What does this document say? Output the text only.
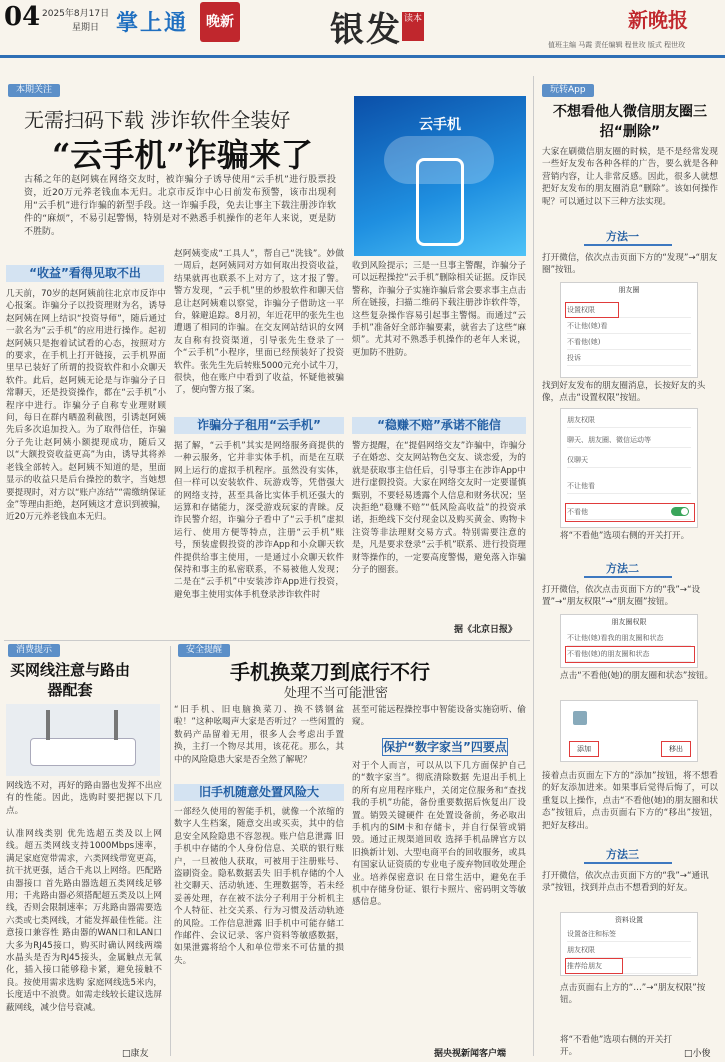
04 2025年8月17日
星期日 掌上通	晚新	银发 读本	新晚报
值班主编 马霞 责任编辑 程世玫 版式 程世玫
本期关注
无需扫码下载 涉诈软件全装好
“云手机”诈骗来了
云手机
古稀之年的赵阿姨在网络交友时，被诈骗分子诱导使用“云手机”进行股票投资，近20万元养老钱血本无归。北京市反诈中心日前发布预警，该市出现利用“云手机”进行诈骗的新型手段。这一诈骗手段，免去让事主下载注册涉诈软件的“麻烦”，不易引起警惕，特别是对不熟悉手机操作的老年人来说，更是防不胜防。
“收益”看得见取不出
几天前，70岁的赵阿姨前往北京市反诈中心报案。诈骗分子以投资理财为名，诱导赵阿姨在网上结识“投资导师”，随后通过一款名为“云手机”的应用进行操作。起初赵阿姨只是抱着试试看的心态，按照对方的要求，在手机上打开链接，云手机界面里早已装好了所谓的投资软件和小众聊天软件。此后，赵阿姨无论是与诈骗分子日常聊天，还是投资操作，都在“云手机”小程序中进行。诈骗分子自称专业理财顾问，每日在群内晒盈利截图，引诱赵阿姨先后多次追加投入。为了取得信任，诈骗分子先让赵阿姨小额提现成功，随后又以“大额投资收益更高”为由，诱导其将养老钱全部转入。赵阿姨不知道的是，里面显示的收益只是后台操控的数字，当她想要提现时，对方以“账户冻结”“需缴纳保证金”等理由拒绝，赵阿姨这才意识到被骗，近20万元养老钱血本无归。
赵阿姨变成“工具人”，帮自己“洗钱”。妙做一周后，赵阿姨同对方如何取出投资收益，结果就再也联系不上对方了，这才报了警。警方发现，“云手机”里的炒股软件和聊天信息让赵阿姨难以察觉，诈骗分子借助这一平台，躲避追踪。8月初，年近花甲的张先生也遭遇了相同的诈骗。在交友网站结识的女网友自称有投资渠道，引导张先生登录了一个“云手机”小程序，里面已经预装好了投资软件。张先生先后转账5000元充小试牛刀，很快，他在账户中看到了收益，怀疑他被骗了，便向警方报了案。
诈骗分子租用“云手机”
据了解，“云手机”其实是网络服务商提供的一种云服务，它并非实体手机，而是在互联网上运行的虚拟手机程序。虽然没有实体，但一样可以安装软件、玩游戏等，凭借强大的网络支持，甚至具备比实体手机还强大的运算和存储能力，深受游戏玩家的青睐。反诈民警介绍，诈骗分子看中了“云手机”虚拟运行、使用方便等特点，注册“云手机”账号，预装虚假投资的涉诈App和小众聊天软件提供给事主使用，一是通过小众聊天软件保持和事主的私密联系，不易被他人发现；二是在“云手机”中安装涉诈App进行投资，避免事主使用实体手机登录涉诈软件时
收到风险提示；三是一旦事主警醒，诈骗分子可以远程操控“云手机”删除相关证据。反诈民警称，诈骗分子实施诈骗后常会要求事主点击所在链接，扫描二维码下载注册涉诈软件等，这些复杂操作容易引起事主警惕。而通过“云手机”准备好全部诈骗要素，就省去了这些“麻烦”。尤其对不熟悉手机操作的老年人来说，更加防不胜防。
“稳赚不赔”承诺不能信
警方提醒，在“提倡网络交友”诈骗中，诈骗分子在婚恋、交友网站物色交友、谈恋爱，为的就是获取事主信任后，引导事主在涉诈App中进行虚假投资。大家在网络交友时一定要谨慎甄别，不要轻易透露个人信息和财务状况；坚决拒绝“稳赚不赔”“低风险高收益”的投资承诺，拒绝线下交付现金以及购买黄金、购物卡注资等非法理财交易方式。特别需要注意的是，凡是要求登录“云手机”联系、进行投资理财等操作的，一定要高度警惕，避免落入诈骗分子的圈套。
据《北京日报》
消费提示
买网线注意与路由器配套
网线选不对，再好的路由器也发挥不出应有的性能。因此，选购时要把握以下几点。
认准网线类别 优先选超五类及以上网线。超五类网线支持1000Mbps速率，满足家庭宽带需求，六类网线带宽更高，抗干扰更强，适合千兆以上网络。匹配路由器接口 首先路由器选超五类网线足够用；千兆路由器必须搭配超五类及以上网线，否则会限制速率；万兆路由器需要选六类或七类网线，才能发挥最佳性能。注意接口兼容性 路由器的WAN口和LAN口大多为RJ45接口，购买时确认网线两端水晶头是否为RJ45接头，金属触点无氧化，插入接口能够稳卡紧，避免接触不良。按使用需求选购 家庭网线选5米内，长度适中不浪费。如需走线较长建议选屏蔽网线，减少信号衰减。
□康友
安全提醒
手机换菜刀到底行不行
处理不当可能泄密
“旧手机、旧电脑换菜刀、换不锈钢盆啦！”这种吆喝声大家是否听过？一些闲置的数码产品留着无用，很多人会考虑出手置换，主打一个物尽其用，该花花。那么，其中的风险隐患大家是否全然了解呢？
旧手机随意处置风险大
一部经久使用的智能手机，就像一个浓缩的数字人生档案，随意交出或买卖，其中的信息安全风险隐患不容忽视。账户信息泄露 旧手机中存储的个人身份信息、关联的银行账户，一旦被他人获取，可被用于注册账号、盗刷资金。隐私数据丢失 旧手机存储的个人社交聊天、活动轨迹、生理数据等，若未经妥善处理，存在被不法分子利用于分析机主个人特征、社交关系、行为习惯及活动轨迹的风险。工作信息泄露 旧手机中可能存储工作邮件、会议记录、客户资料等敏感数据，如果泄露将给个人和单位带来不可估量的损失。
甚至可能远程操控事中智能设备实施窃听、偷窥。
保护“数字家当”四要点
对于个人而言，可以从以下几方面保护自己的“数字家当”。彻底清除数据 先退出手机上的所有应用程序账户，关闭定位服务和“查找我的手机”功能，备份重要数据后恢复出厂设置。销毁关键硬件 在处置设备前，务必取出手机内的SIM卡和存储卡，并自行保管或销毁。通过正规渠道回收 选择手机品牌官方以旧换新计划、大型电商平台的回收服务，或具有国家认证资质的专业电子废弃物回收处理企业。培养保密意识 在日常生活中，避免在手机中存储身份证、银行卡照片、密码明文等敏感信息。
据央视新闻客户端
玩转App
不想看他人微信朋友圈三招“删除”
大家在刷微信朋友圈的时候，是不是经常发现一些好友发布各种各样的广告，要么就是各种营销内容，让人非常反感。因此，很多人就想把好友发布的朋友圈消息“删除”。该如何操作呢？可以通过以下三种方法实现。
方法一
打开微信，依次点击页面下方的“发现”→“朋友圈”按钮。
朋友圈
设置权限
不让他(她)看
不看他(她)
投诉
找到好友发布的朋友圈消息，长按好友的头像，点击“设置权限”按钮。
朋友权限
聊天、朋友圈、微信运动等
仅聊天
不让他看
不看他
将“不看他”选项右侧的开关打开。
方法二
打开微信，依次点击页面下方的“我”→“设置”→“朋友权限”→“朋友圈”按钮。
朋友圈权限
不让他(她)看我的朋友圈和状态
不看他(她)的朋友圈和状态
点击“不看他(她)的朋友圈和状态”按钮。
添加	移出
接着点击页面左下方的“添加”按钮，将不想看的好友添加进来。如果事后觉得后悔了，可以重复以上操作，点击“不看他(她)的朋友圈和状态”按钮后，点击页面右下方的“移出”按钮，把好友移出。
方法三
打开微信，依次点击页面下方的“我”→“通讯录”按钮，找到并点击不想看到的好友。
资料设置
设置备注和标签
朋友权限
推荐给朋友
点击页面右上方的“…”→“朋友权限”按钮。
将“不看他”选项右侧的开关打开。	□小俊
